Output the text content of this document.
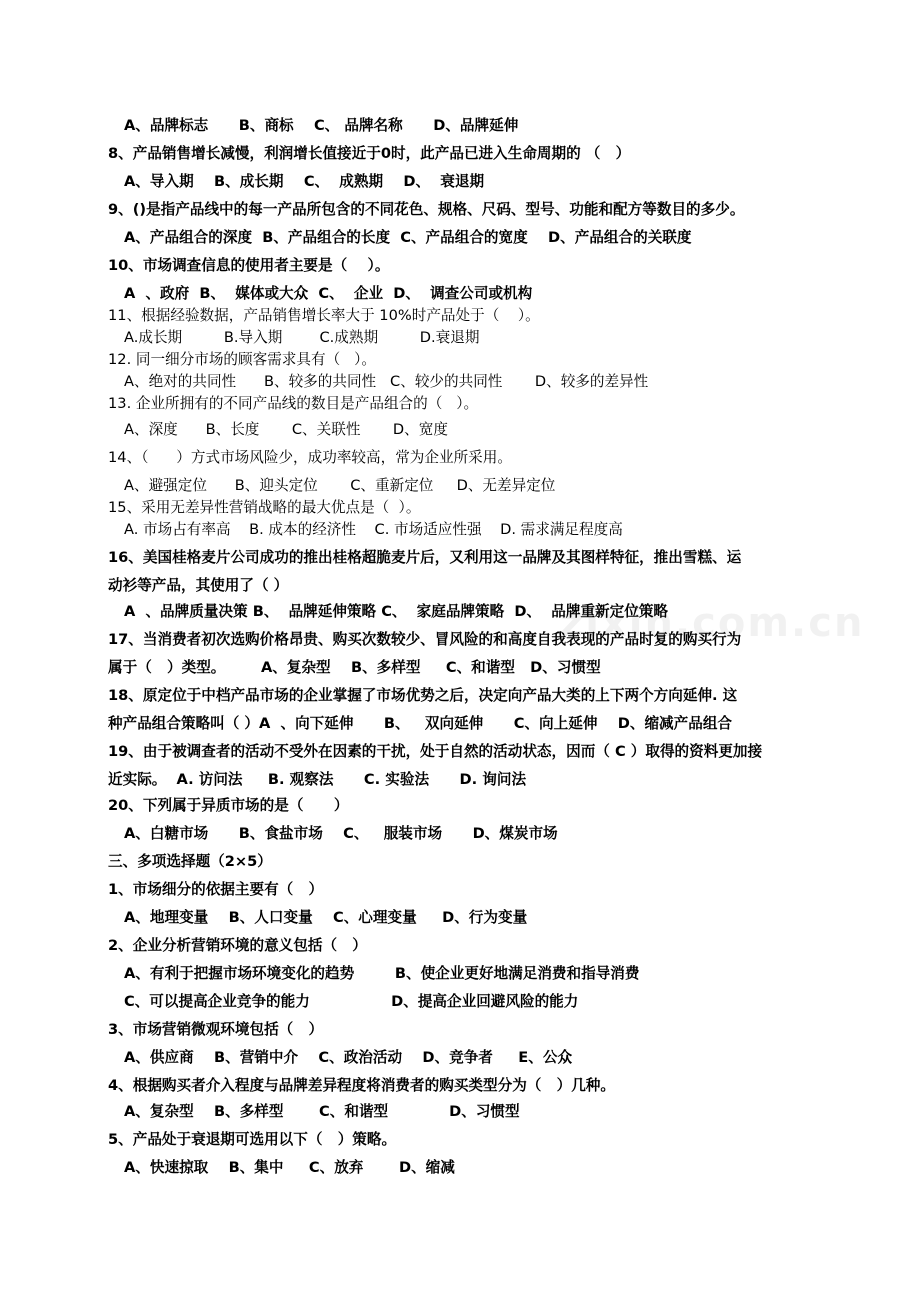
zixin.com.cn
A、品牌标志      B、商标    C、 品牌名称      D、品牌延伸
8、产品销售增长减慢，利润增长值接近于0时，此产品已进入生命周期的 （   ）
A、导入期    B、成长期    C、  成熟期    D、  衰退期
9、()是指产品线中的每一产品所包含的不同花色、规格、尺码、型号、功能和配方等数目的多少。
A、产品组合的深度  B、产品组合的长度  C、产品组合的宽度    D、产品组合的关联度
10、市场调查信息的使用者主要是（    ）。
A  、政府  B、  媒体或大众  C、  企业  D、  调查公司或机构
11、根据经验数据，产品销售增长率大于 10%时产品处于（    ）。
A.成长期         B.导入期        C.成熟期         D.衰退期
12. 同一细分市场的顾客需求具有（   ）。
A、绝对的共同性      B、较多的共同性   C、较少的共同性       D、较多的差异性
13. 企业所拥有的不同产品线的数目是产品组合的（   ）。
A、深度      B、长度       C、关联性       D、宽度
14、（      ）方式市场风险少，成功率较高，常为企业所采用。
A、避强定位      B、迎头定位       C、重新定位     D、无差异定位
15、采用无差异性营销战略的最大优点是（  ）。
A. 市场占有率高    B. 成本的经济性    C. 市场适应性强    D. 需求满足程度高
16、美国桂格麦片公司成功的推出桂格超脆麦片后，又利用这一品牌及其图样特征，推出雪糕、运
动衫等产品，其使用了（ ）
A  、品牌质量决策 B、  品牌延伸策略 C、  家庭品牌策略  D、  品牌重新定位策略
17、当消费者初次选购价格昂贵、购买次数较少、冒风险的和高度自我表现的产品时复的购买行为
属于（   ）类型。       A、复杂型    B、多样型     C、和谐型   D、习惯型
18、原定位于中档产品市场的企业掌握了市场优势之后，决定向产品大类的上下两个方向延伸. 这
种产品组合策略叫（ ）A  、向下延伸      B、   双向延伸      C、向上延伸    D、缩减产品组合
19、由于被调查者的活动不受外在因素的干扰，处于自然的活动状态，因而（ C ）取得的资料更加接
近实际。  A. 访问法     B. 观察法      C. 实验法      D. 询问法
20、下列属于异质市场的是（      ）
A、白糖市场      B、食盐市场    C、   服装市场      D、煤炭市场
三、多项选择题（2×5）
1、市场细分的依据主要有（   ）
A、地理变量    B、人口变量    C、心理变量     D、行为变量
2、企业分析营销环境的意义包括（   ）
A、有利于把握市场环境变化的趋势        B、使企业更好地满足消费和指导消费
C、可以提高企业竞争的能力                D、提高企业回避风险的能力
3、市场营销微观环境包括（   ）
A、供应商    B、营销中介    C、政治活动    D、竞争者     E、公众
4、根据购买者介入程度与品牌差异程度将消费者的购买类型分为（   ）几种。
A、复杂型    B、多样型       C、和谐型            D、习惯型
5、产品处于衰退期可选用以下（   ）策略。
A、快速掠取    B、集中     C、放弃       D、缩减
